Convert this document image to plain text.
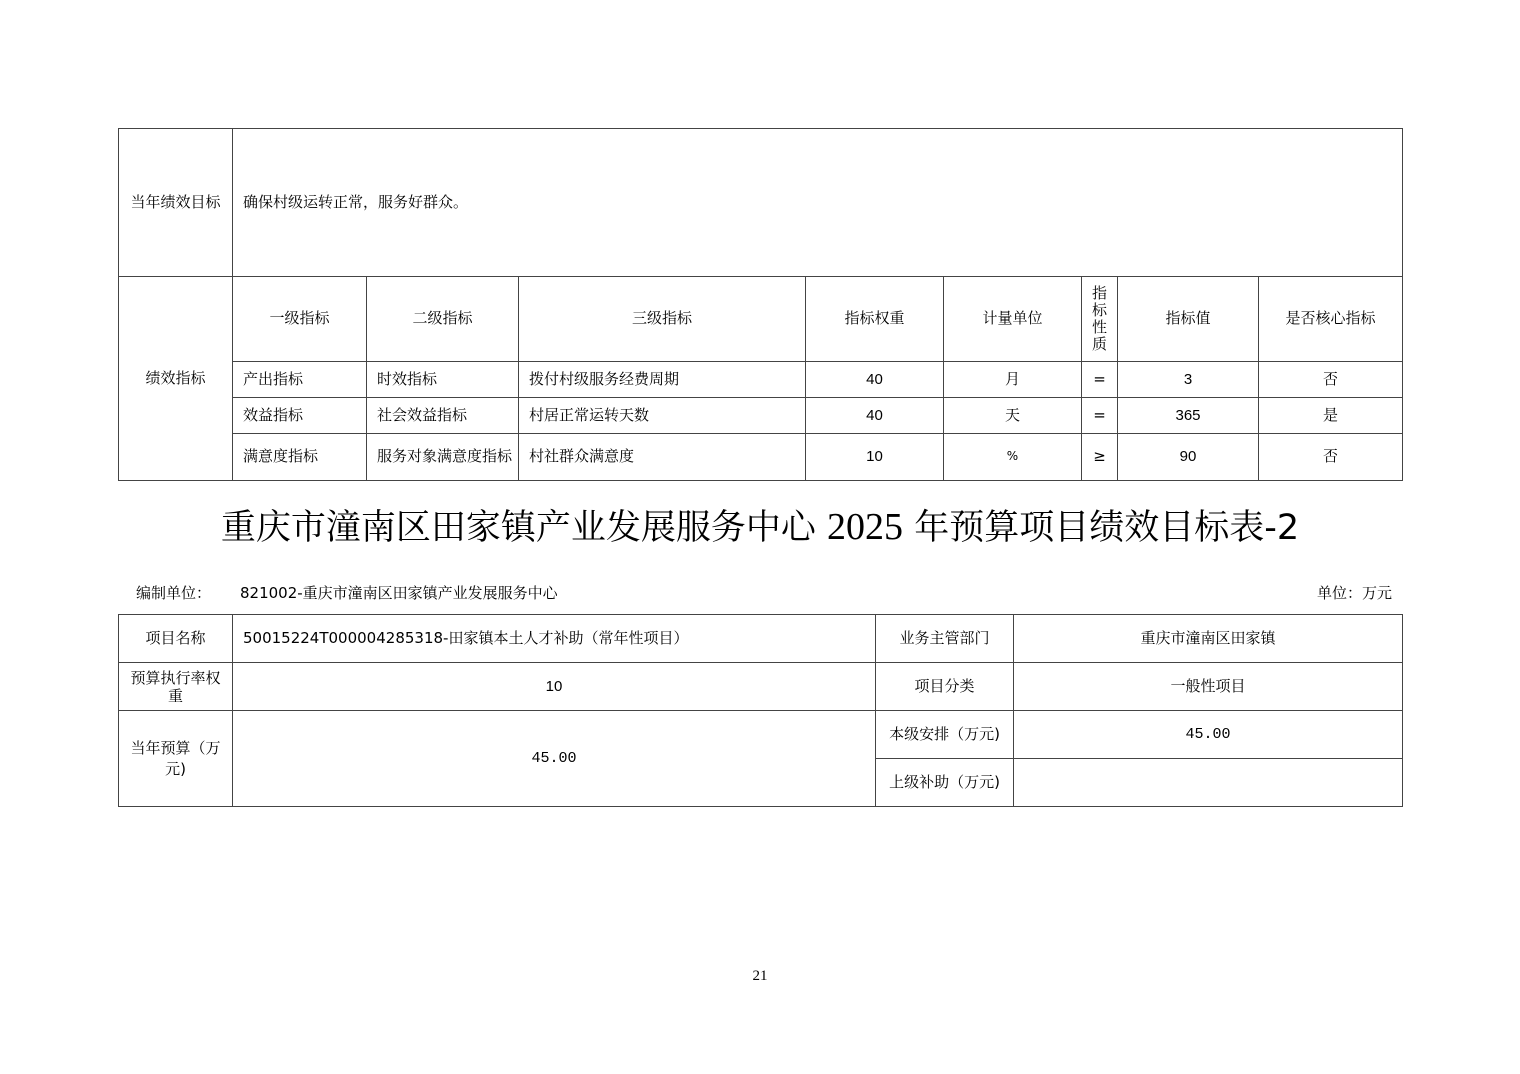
当年绩效目标	确保村级运转正常，服务好群众。							
绩效指标	一级指标	二级指标	三级指标	指标权重	计量单位	指标性质	指标值	是否核心指标
	产出指标	时效指标	拨付村级服务经费周期	40	月	=	3	否
	效益指标	社会效益指标	村居正常运转天数	40	天	=	365	是
	满意度指标	服务对象满意度指标	村社群众满意度	10	%	≥	90	否
重庆市潼南区田家镇产业发展服务中心 2025 年预算项目绩效目标表-2
编制单位： 821002-重庆市潼南区田家镇产业发展服务中心	单位：万元
项目名称	50015224T000004285318-田家镇本土人才补助（常年性项目）	业务主管部门	重庆市潼南区田家镇
预算执行率权重	10	项目分类	一般性项目
当年预算（万元)	45.00	本级安排（万元)	45.00
		上级补助（万元)	
21
